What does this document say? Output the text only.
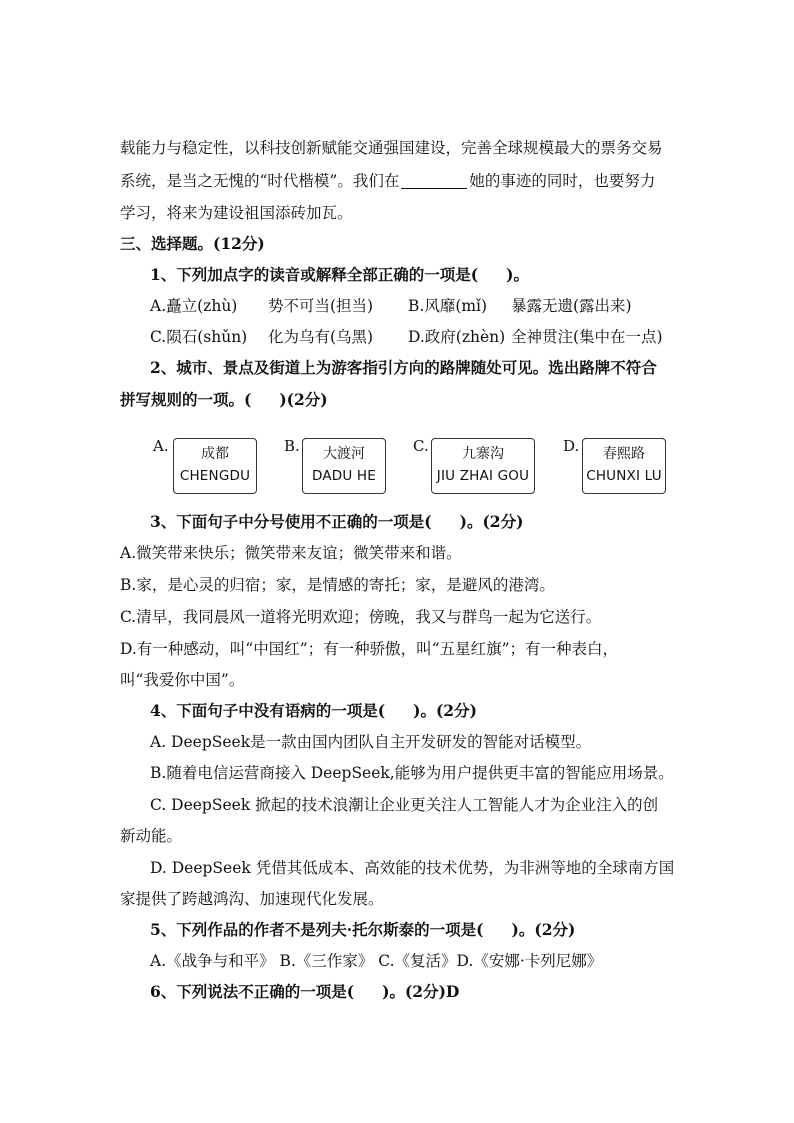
载能力与稳定性，以科技创新赋能交通强国建设，完善全球规模最大的票务交易
系统，是当之无愧的“时代楷模”。我们在	她的事迹的同时，也要努力
学习，将来为建设祖国添砖加瓦。
三、选择题。(12分)
1、下列加点字的读音或解释全部正确的一项是( )。
A.矗立(zhù) 势不可当(担当) B.风靡(mǐ) 暴露无遗(露出来)
C.陨石(shǔn) 化为乌有(乌黑) D.政府(zhèn) 全神贯注(集中在一点)
2、城市、景点及街道上为游客指引方向的路牌随处可见。选出路牌不符合
拼写规则的一项。( )(2分)
A.	成都
CHENGDU
B.	大渡河
DADU HE
C.	九寨沟
JIU ZHAI GOU
D.	春熙路
CHUNXI LU
3、下面句子中分号使用不正确的一项是( )。(2分)
A.微笑带来快乐；微笑带来友谊；微笑带来和谐。
B.家，是心灵的归宿；家，是情感的寄托；家，是避风的港湾。
C.清早，我同晨风一道将光明欢迎；傍晚，我又与群鸟一起为它送行。
D.有一种感动，叫“中国红”；有一种骄傲，叫“五星红旗”；有一种表白，
叫“我爱你中国”。
4、下面句子中没有语病的一项是( )。(2分)
A. DeepSeek是一款由国内团队自主开发研发的智能对话模型。
B.随着电信运营商接入 DeepSeek,能够为用户提供更丰富的智能应用场景。
C. DeepSeek 掀起的技术浪潮让企业更关注人工智能人才为企业注入的创
新动能。
D. DeepSeek 凭借其低成本、高效能的技术优势，为非洲等地的全球南方国
家提供了跨越鸿沟、加速现代化发展。
5、下列作品的作者不是列夫·托尔斯泰的一项是( )。(2分)
A.《战争与和平》 B.《三作家》 C.《复活》D.《安娜·卡列尼娜》
6、下列说法不正确的一项是( )。(2分)D
